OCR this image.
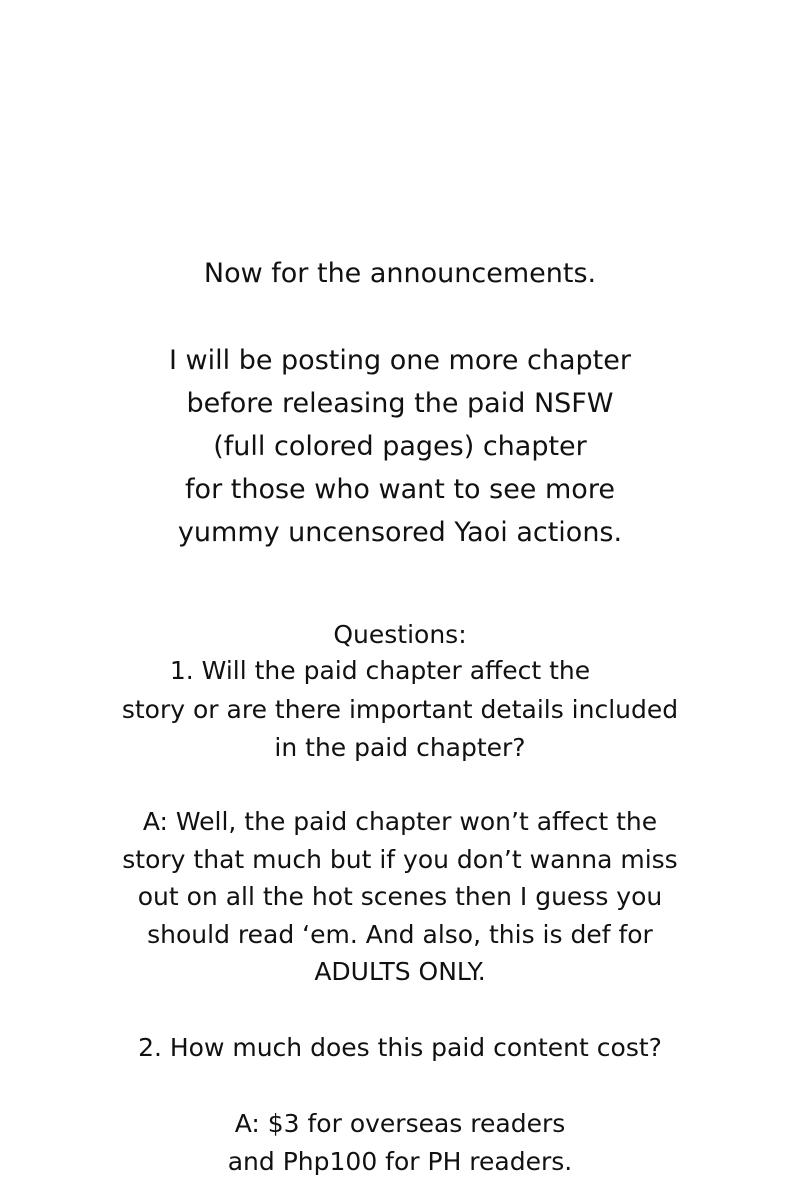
Now for the announcements.
I will be posting one more chapter
before releasing the paid NSFW
(full colored pages) chapter
for those who want to see more
yummy uncensored Yaoi actions.
Questions:
1. Will the paid chapter affect the
story or are there important details included
in the paid chapter?
A: Well, the paid chapter won’t affect the
story that much but if you don’t wanna miss
out on all the hot scenes then I guess you
should read ‘em. And also, this is def for
ADULTS ONLY.
2. How much does this paid content cost?
A: $3 for overseas readers
and Php100 for PH readers.
